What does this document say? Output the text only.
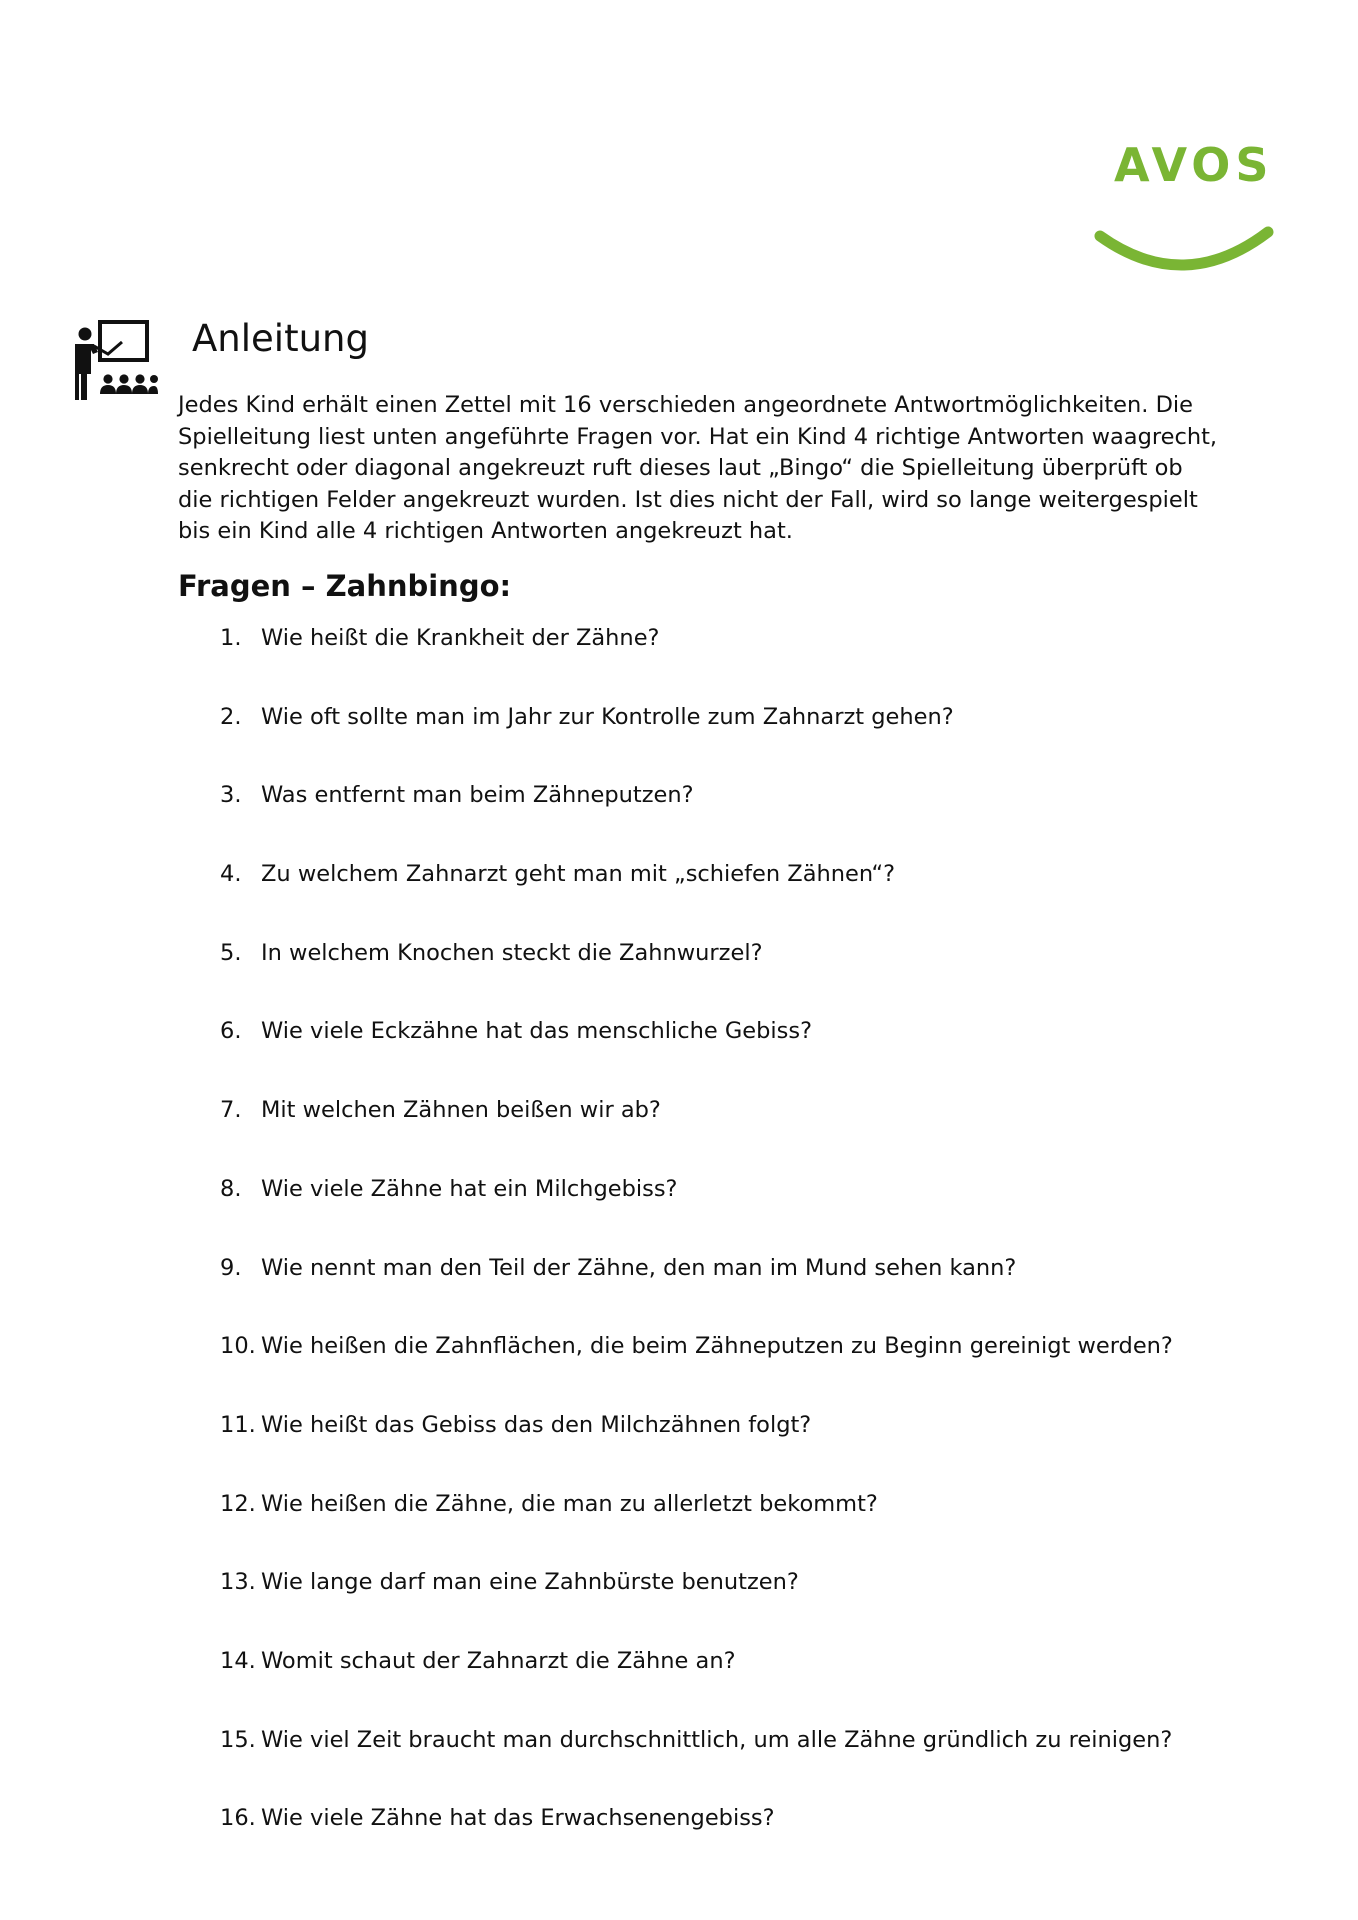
AVOS
Anleitung

Jedes Kind erhält einen Zettel mit 16 verschieden angeordnete Antwortmöglichkeiten. Die Spielleitung liest unten angeführte Fragen vor. Hat ein Kind 4 richtige Antworten waagrecht, senkrecht oder diagonal angekreuzt ruft dieses laut „Bingo“ die Spielleitung überprüft ob die richtigen Felder angekreuzt wurden. Ist dies nicht der Fall, wird so lange weitergespielt bis ein Kind alle 4 richtigen Antworten angekreuzt hat.

Fragen – Zahnbingo:
1. Wie heißt die Krankheit der Zähne?
2. Wie oft sollte man im Jahr zur Kontrolle zum Zahnarzt gehen?
3. Was entfernt man beim Zähneputzen?
4. Zu welchem Zahnarzt geht man mit „schiefen Zähnen“?
5. In welchem Knochen steckt die Zahnwurzel?
6. Wie viele Eckzähne hat das menschliche Gebiss?
7. Mit welchen Zähnen beißen wir ab?
8. Wie viele Zähne hat ein Milchgebiss?
9. Wie nennt man den Teil der Zähne, den man im Mund sehen kann?
10. Wie heißen die Zahnflächen, die beim Zähneputzen zu Beginn gereinigt werden?
11. Wie heißt das Gebiss das den Milchzähnen folgt?
12. Wie heißen die Zähne, die man zu allerletzt bekommt?
13. Wie lange darf man eine Zahnbürste benutzen?
14. Womit schaut der Zahnarzt die Zähne an?
15. Wie viel Zeit braucht man durchschnittlich, um alle Zähne gründlich zu reinigen?
16. Wie viele Zähne hat das Erwachsenengebiss?
